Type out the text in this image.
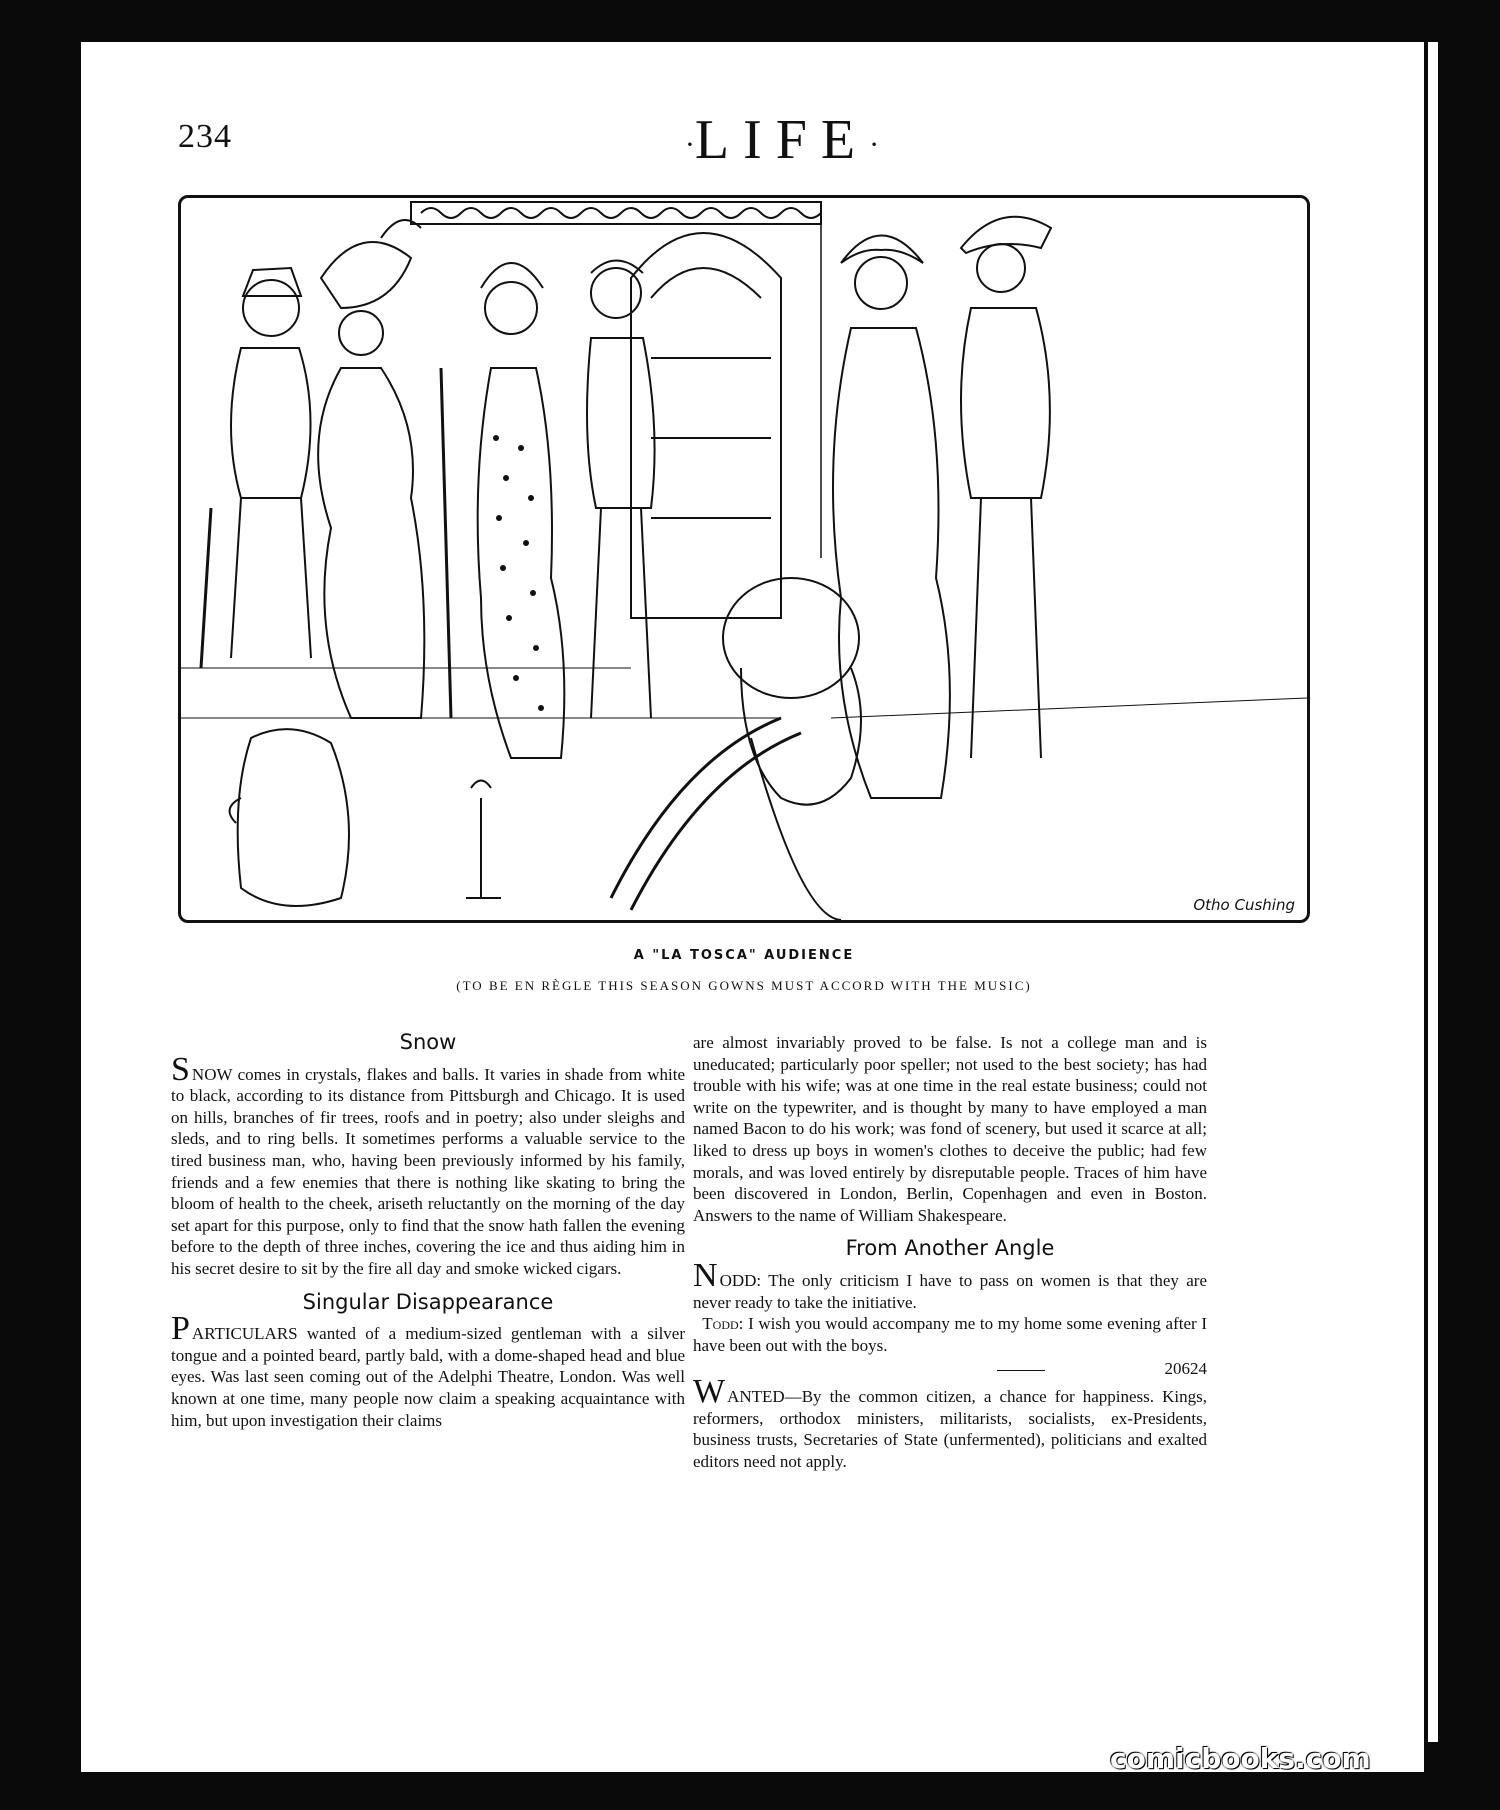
234	·LIFE·
Otho Cushing
A "LA TOSCA" AUDIENCE
(TO BE EN RÈGLE THIS SEASON GOWNS MUST ACCORD WITH THE MUSIC)
Snow

SNOW comes in crystals, flakes and balls. It varies in shade from white to black, according to its distance from Pittsburgh and Chicago. It is used on hills, branches of fir trees, roofs and in poetry; also under sleighs and sleds, and to ring bells. It sometimes performs a valuable service to the tired business man, who, having been previously informed by his family, friends and a few enemies that there is nothing like skating to bring the bloom of health to the cheek, ariseth reluctantly on the morning of the day set apart for this purpose, only to find that the snow hath fallen the evening before to the depth of three inches, covering the ice and thus aiding him in his secret desire to sit by the fire all day and smoke wicked cigars.

Singular Disappearance

PARTICULARS wanted of a medium-sized gentleman with a silver tongue and a pointed beard, partly bald, with a dome-shaped head and blue eyes. Was last seen coming out of the Adelphi Theatre, London. Was well known at one time, many people now claim a speaking acquaintance with him, but upon investigation their claims

are almost invariably proved to be false. Is not a college man and is uneducated; particularly poor speller; not used to the best society; has had trouble with his wife; was at one time in the real estate business; could not write on the typewriter, and is thought by many to have employed a man named Bacon to do his work; was fond of scenery, but used it scarce at all; liked to dress up boys in women's clothes to deceive the public; had few morals, and was loved entirely by disreputable people. Traces of him have been discovered in London, Berlin, Copenhagen and even in Boston. Answers to the name of William Shakespeare.

From Another Angle

NODD: The only criticism I have to pass on women is that they are never ready to take the initiative.
Todd: I wish you would accompany me to my home some evening after I have been out with the boys.

20624

WANTED—By the common citizen, a chance for happiness. Kings, reformers, orthodox ministers, militarists, socialists, ex-Presidents, business trusts, Secretaries of State (unfermented), politicians and exalted editors need not apply.

comicbooks.com
